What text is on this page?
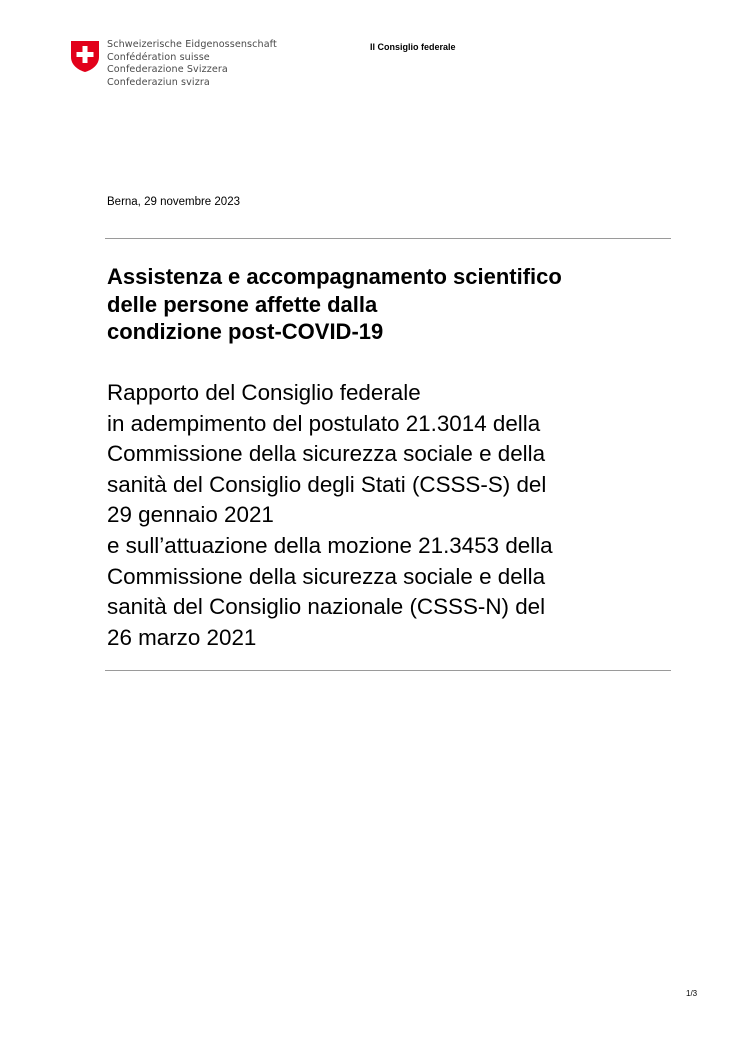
Schweizerische Eidgenossenschaft
Confédération suisse
Confederazione Svizzera
Confederaziun svizra
Il Consiglio federale
Berna, 29 novembre 2023
Assistenza e accompagnamento scientifico
delle persone affette dalla
condizione post-COVID-19
Rapporto del Consiglio federale
in adempimento del postulato 21.3014 della
Commissione della sicurezza sociale e della
sanità del Consiglio degli Stati (CSSS-S) del
29 gennaio 2021
e sull’attuazione della mozione 21.3453 della
Commissione della sicurezza sociale e della
sanità del Consiglio nazionale (CSSS-N) del
26 marzo 2021
1/3
